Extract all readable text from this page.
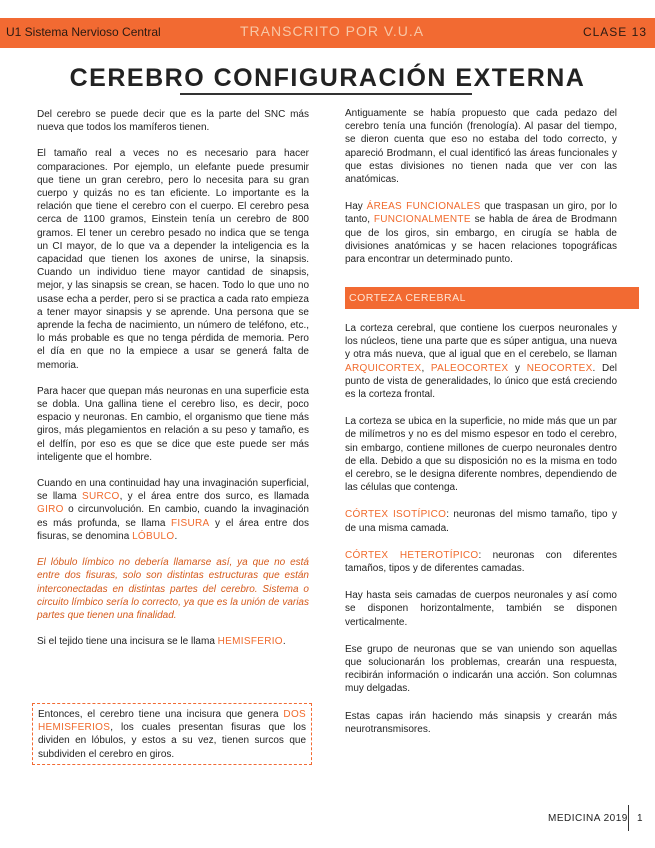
U1 Sistema Nervioso Central	TRANSCRITO POR V.U.A	CLASE 13
CEREBRO CONFIGURACIÓN EXTERNA

Del cerebro se puede decir que es la parte del SNC más nueva que todos los mamíferos tienen.

El tamaño real a veces no es necesario para hacer comparaciones. Por ejemplo, un elefante puede presumir que tiene un gran cerebro, pero lo necesita para su gran cuerpo y quizás no es tan eficiente. Lo importante es la relación que tiene el cerebro con el cuerpo. El cerebro pesa cerca de 1100 gramos, Einstein tenía un cerebro de 800 gramos. El tener un cerebro pesado no indica que se tenga un CI mayor, de lo que va a depender la inteligencia es la capacidad que tienen los axones de unirse, la sinapsis. Cuando un individuo tiene mayor cantidad de sinapsis, mejor, y las sinapsis se crean, se hacen. Todo lo que uno no usase echa a perder, pero si se practica a cada rato empieza a tener mayor sinapsis y se aprende. Una persona que se aprende la fecha de nacimiento, un número de teléfono, etc., lo más probable es que no tenga pérdida de memoria. Pero el día en que no la empiece a usar se generá falta de memoria.

Para hacer que quepan más neuronas en una superficie esta se dobla. Una gallina tiene el cerebro liso, es decir, poco espacio y neuronas. En cambio, el organismo que tiene más giros, más plegamientos en relación a su peso y tamaño, es el delfín, por eso es que se dice que este puede ser más inteligente que el hombre.

Cuando en una continuidad hay una invaginación superficial, se llama SURCO, y el área entre dos surco, es llamada GIRO o circunvolución. En cambio, cuando la invaginación es más profunda, se llama FISURA y el área entre dos fisuras, se denomina LÓBULO.

El lóbulo límbico no debería llamarse así, ya que no está entre dos fisuras, solo son distintas estructuras que están interconectadas en distintas partes del cerebro. Sistema o circuito límbico sería lo correcto, ya que es la unión de varias partes que tienen una finalidad.

Si el tejido tiene una incisura se le llama HEMISFERIO.

Entonces, el cerebro tiene una incisura que genera DOS HEMISFERIOS, los cuales presentan fisuras que los dividen en lóbulos, y estos a su vez, tienen surcos que subdividen el cerebro en giros.

Antiguamente se había propuesto que cada pedazo del cerebro tenía una función (frenología). Al pasar del tiempo, se dieron cuenta que eso no estaba del todo correcto, y apareció Brodmann, el cual identificó las áreas funcionales y que estas divisiones no tienen nada que ver con las anatómicas.

Hay ÁREAS FUNCIONALES que traspasan un giro, por lo tanto, FUNCIONALMENTE se habla de área de Brodmann que de los giros, sin embargo, en cirugía se habla de divisiones anatómicas y se hacen relaciones topográficas para encontrar un determinado punto.

CORTEZA CEREBRAL

La corteza cerebral, que contiene los cuerpos neuronales y los núcleos, tiene una parte que es súper antigua, una nueva y otra más nueva, que al igual que en el cerebelo, se llaman ARQUICORTEX, PALEOCORTEX y NEOCORTEX. Del punto de vista de generalidades, lo único que está creciendo es la corteza frontal.

La corteza se ubica en la superficie, no mide más que un par de milímetros y no es del mismo espesor en todo el cerebro, sin embargo, contiene millones de cuerpo neuronales dentro de ella. Debido a que su disposición no es la misma en todo el cerebro, se le designa diferente nombres, dependiendo de las células que contenga.

CÓRTEX ISOTÍPICO: neuronas del mismo tamaño, tipo y de una misma camada.

CÓRTEX HETEROTÍPICO: neuronas con diferentes tamaños, tipos y de diferentes camadas.

Hay hasta seis camadas de cuerpos neuronales y así como se disponen horizontalmente, también se disponen verticalmente.

Ese grupo de neuronas que se van uniendo son aquellas que solucionarán los problemas, crearán una respuesta, recibirán información o indicarán una acción. Son columnas muy delgadas.

Estas capas irán haciendo más sinapsis y crearán más neurotransmisores.

MEDICINA 2019 1
